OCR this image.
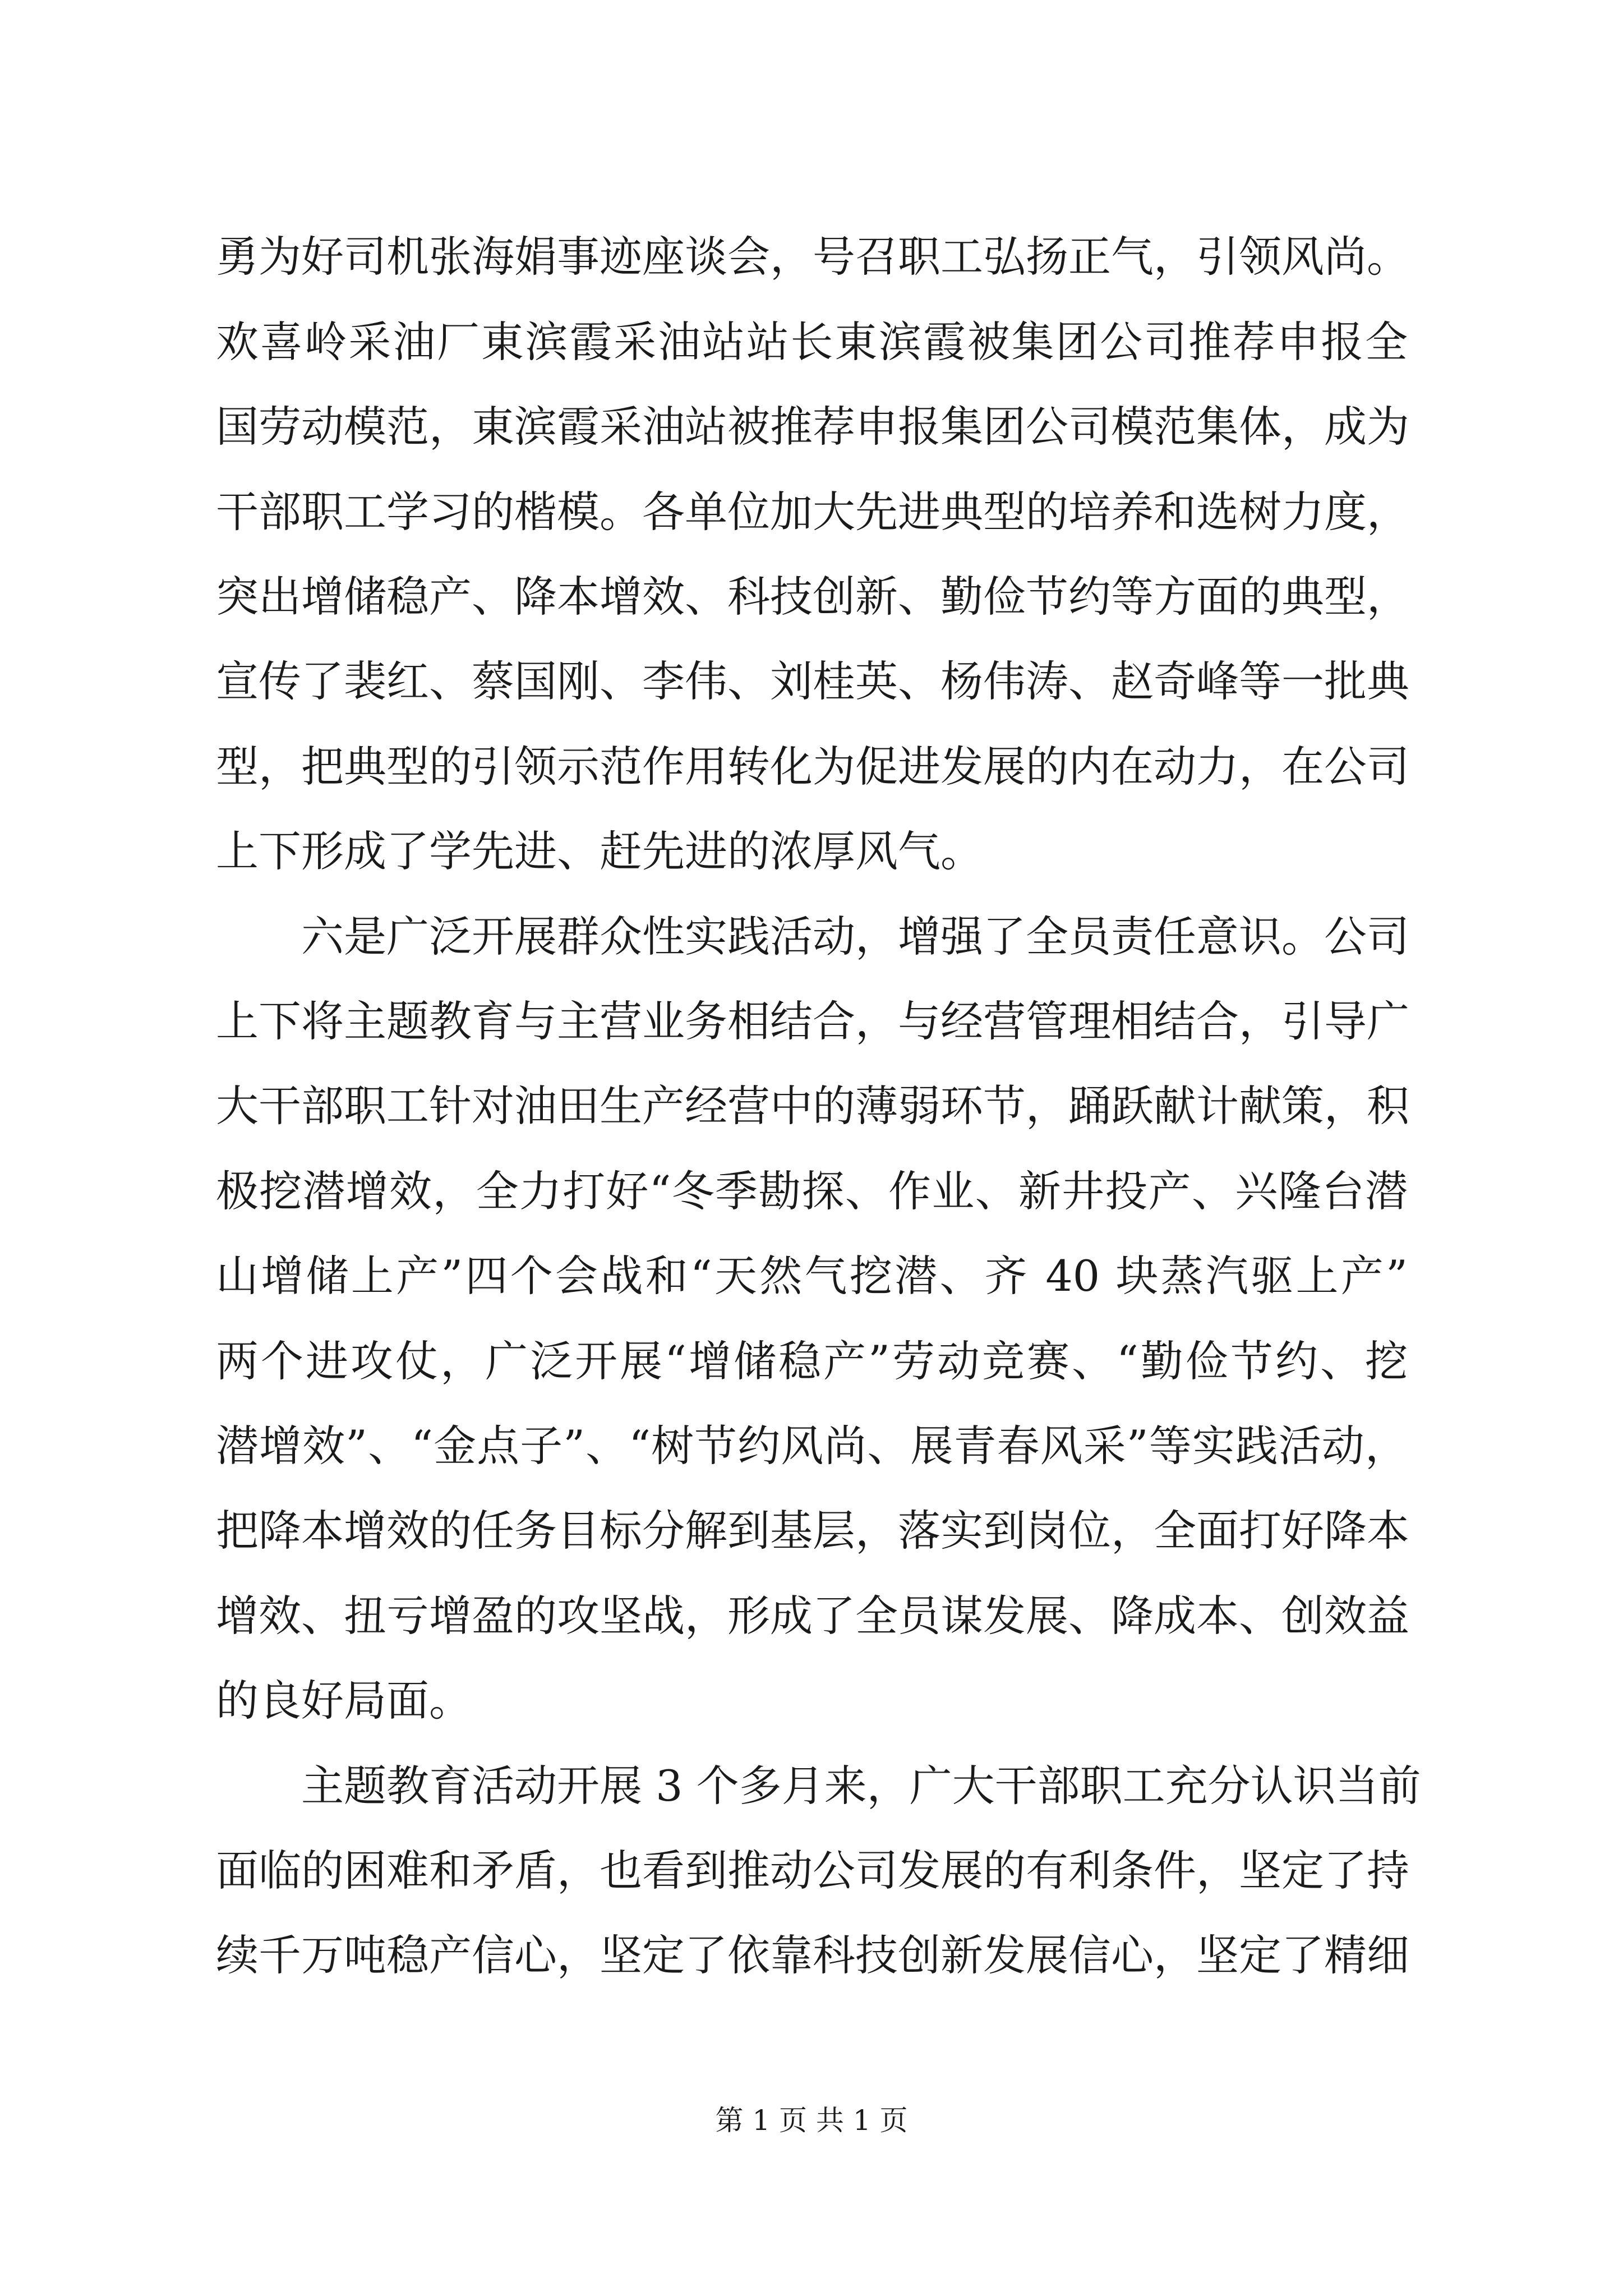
勇为好司机张海娟事迹座谈会，号召职工弘扬正气，引领风尚。
欢喜岭采油厂東滨霞采油站站长東滨霞被集团公司推荐申报全
国劳动模范，東滨霞采油站被推荐申报集团公司模范集体，成为
干部职工学习的楷模。各单位加大先进典型的培养和选树力度，
突出增储稳产、降本增效、科技创新、勤俭节约等方面的典型，
宣传了裴红、蔡国刚、李伟、刘桂英、杨伟涛、赵奇峰等一批典
型，把典型的引领示范作用转化为促进发展的内在动力，在公司
上下形成了学先进、赶先进的浓厚风气。
六是广泛开展群众性实践活动，增强了全员责任意识。公司
上下将主题教育与主营业务相结合，与经营管理相结合，引导广
大干部职工针对油田生产经营中的薄弱环节，踊跃献计献策，积
极挖潜增效，全力打好“冬季勘探、作业、新井投产、兴隆台潜
山增储上产”四个会战和“天然气挖潜、齐 40 块蒸汽驱上产”
两个进攻仗，广泛开展“增储稳产”劳动竞赛、“勤俭节约、挖
潜增效”、“金点子”、“树节约风尚、展青春风采”等实践活动，
把降本增效的任务目标分解到基层，落实到岗位，全面打好降本
增效、扭亏增盈的攻坚战，形成了全员谋发展、降成本、创效益
的良好局面。
主题教育活动开展 3 个多月来，广大干部职工充分认识当前
面临的困难和矛盾，也看到推动公司发展的有利条件，坚定了持
续千万吨稳产信心，坚定了依靠科技创新发展信心，坚定了精细
第 1 页 共 1 页
